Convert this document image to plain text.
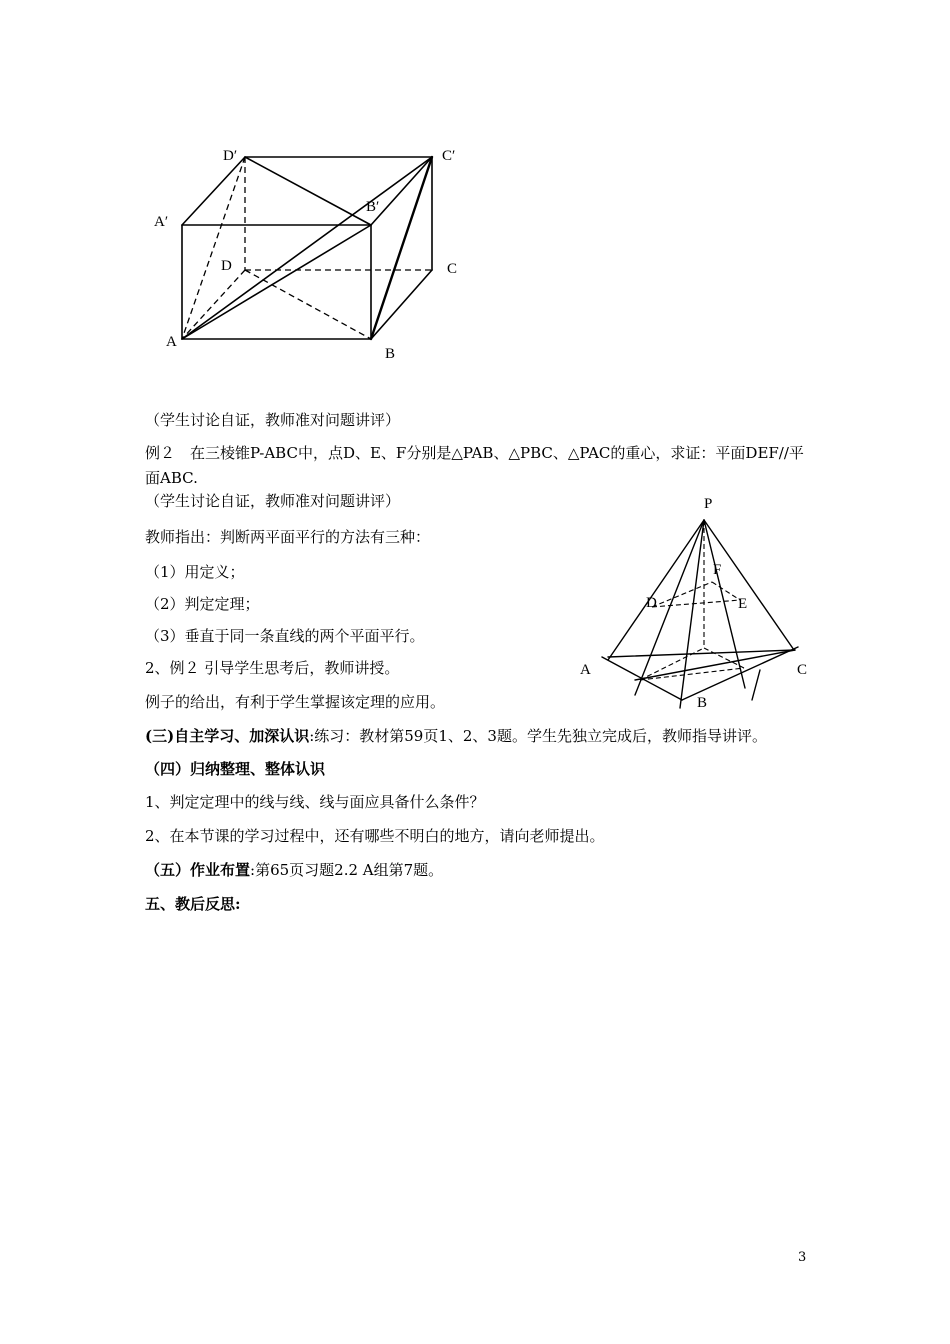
D′	C′
A′
B′
D	C
A
B
P
F
D	E
A	C
B
（学生讨论自证，教师准对问题讲评）
例２　在三棱锥P-ABC中，点D、E、F分别是△PAB、△PBC、△PAC的重心，求证：平面DEF//平
面ABC.
（学生讨论自证，教师准对问题讲评）
教师指出：判断两平面平行的方法有三种：
（1）用定义；
（2）判定定理；
（3）垂直于同一条直线的两个平面平行。
2、例２ 引导学生思考后，教师讲授。
例子的给出，有利于学生掌握该定理的应用。
(三)自主学习、加深认识:练习：教材第59页1、2、3题。学生先独立完成后，教师指导讲评。
（四）归纳整理、整体认识
1、判定定理中的线与线、线与面应具备什么条件？
2、在本节课的学习过程中，还有哪些不明白的地方，请向老师提出。
（五）作业布置:第65页习题2.2 A组第7题。
五、教后反思:
3
